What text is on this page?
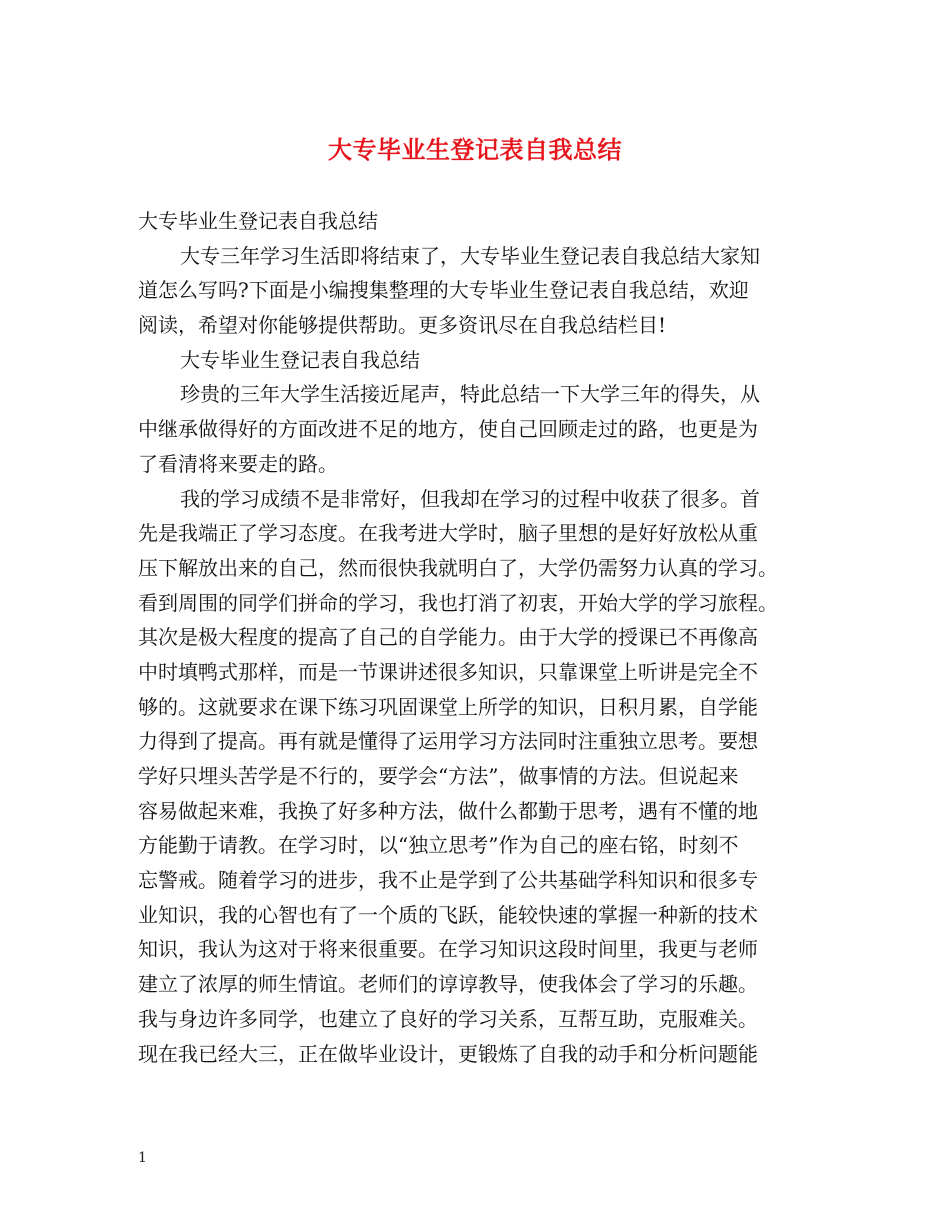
大专毕业生登记表自我总结
大专毕业生登记表自我总结
大专三年学习生活即将结束了，大专毕业生登记表自我总结大家知
道怎么写吗?下面是小编搜集整理的大专毕业生登记表自我总结，欢迎
阅读，希望对你能够提供帮助。更多资讯尽在自我总结栏目!
大专毕业生登记表自我总结
珍贵的三年大学生活接近尾声，特此总结一下大学三年的得失，从
中继承做得好的方面改进不足的地方，使自己回顾走过的路，也更是为
了看清将来要走的路。
我的学习成绩不是非常好，但我却在学习的过程中收获了很多。首
先是我端正了学习态度。在我考进大学时，脑子里想的是好好放松从重
压下解放出来的自己，然而很快我就明白了，大学仍需努力认真的学习。
看到周围的同学们拼命的学习，我也打消了初衷，开始大学的学习旅程。
其次是极大程度的提高了自己的自学能力。由于大学的授课已不再像高
中时填鸭式那样，而是一节课讲述很多知识，只靠课堂上听讲是完全不
够的。这就要求在课下练习巩固课堂上所学的知识，日积月累，自学能
力得到了提高。再有就是懂得了运用学习方法同时注重独立思考。要想
学好只埋头苦学是不行的，要学会“方法”，做事情的方法。但说起来
容易做起来难，我换了好多种方法，做什么都勤于思考，遇有不懂的地
方能勤于请教。在学习时，以“独立思考”作为自己的座右铭，时刻不
忘警戒。随着学习的进步，我不止是学到了公共基础学科知识和很多专
业知识，我的心智也有了一个质的飞跃，能较快速的掌握一种新的技术
知识，我认为这对于将来很重要。在学习知识这段时间里，我更与老师
建立了浓厚的师生情谊。老师们的谆谆教导，使我体会了学习的乐趣。
我与身边许多同学，也建立了良好的学习关系，互帮互助，克服难关。
现在我已经大三，正在做毕业设计，更锻炼了自我的动手和分析问题能
1
